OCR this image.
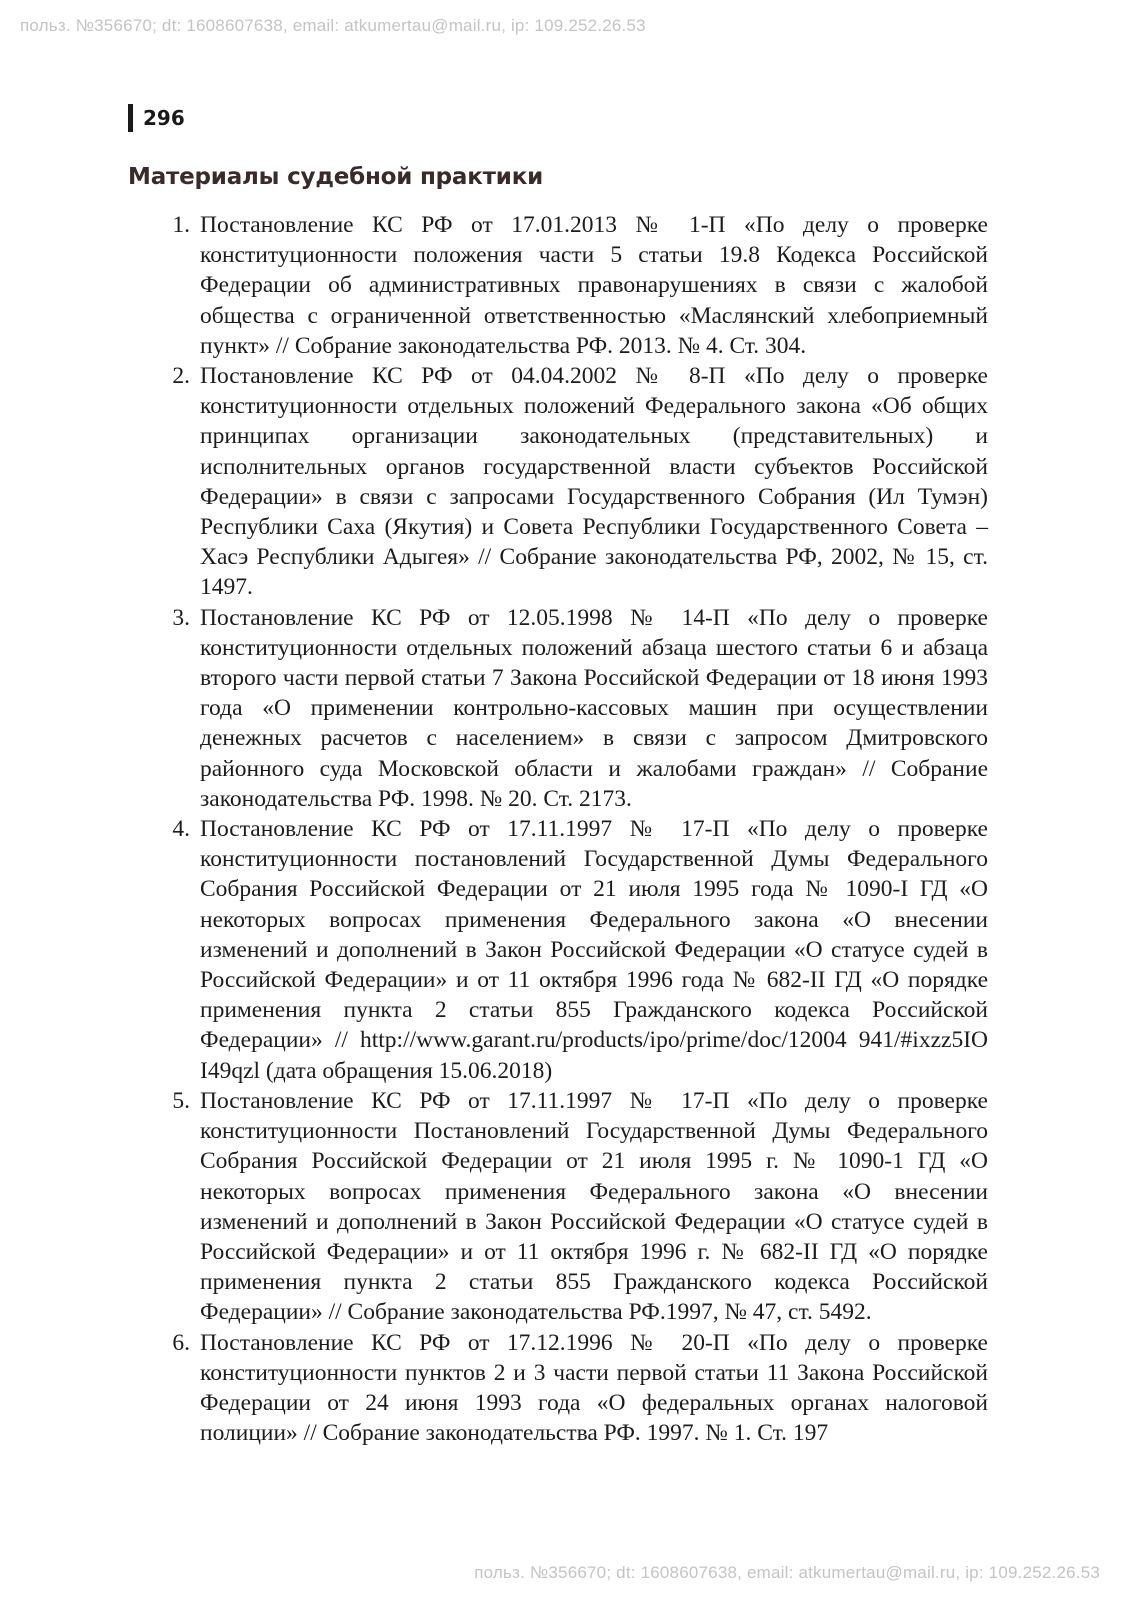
польз. №356670; dt: 1608607638, email: atkumertau@mail.ru, ip: 109.252.26.53
296
Материалы судебной практики
1. Постановление КС РФ от 17.01.2013 № 1-П «По делу о проверке конституционности положения части 5 статьи 19.8 Кодекса Российской Федерации об административных правонарушениях в связи с жалобой общества с ограниченной ответственностью «Маслянский хлебоприемный пункт» // Собрание законодательства РФ. 2013. № 4. Ст. 304.
2. Постановление КС РФ от 04.04.2002 № 8-П «По делу о проверке конституционности отдельных положений Федерального закона «Об общих принципах организации законодательных (представительных) и исполнительных органов государственной власти субъектов Российской Федерации» в связи с запросами Государственного Собрания (Ил Тумэн) Республики Саха (Якутия) и Совета Республики Государственного Совета – Хасэ Республики Адыгея» // Собрание законодательства РФ, 2002, № 15, ст. 1497.
3. Постановление КС РФ от 12.05.1998 № 14-П «По делу о проверке конституционности отдельных положений абзаца шестого статьи 6 и абзаца второго части первой статьи 7 Закона Российской Федерации от 18 июня 1993 года «О применении контрольно-кассовых машин при осуществлении денежных расчетов с населением» в связи с запросом Дмитровского районного суда Московской области и жалобами граждан» // Собрание законодательства РФ. 1998. № 20. Ст. 2173.
4. Постановление КС РФ от 17.11.1997 № 17-П «По делу о проверке конституционности постановлений Государственной Думы Федерального Собрания Российской Федерации от 21 июля 1995 года № 1090-I ГД «О некоторых вопросах применения Федерального закона «О внесении изменений и дополнений в Закон Российской Федерации «О статусе судей в Российской Федерации» и от 11 октября 1996 года № 682-II ГД «О порядке применения пункта 2 статьи 855 Гражданского кодекса Российской Федерации» // http://www.garant.ru/products/ipo/prime/doc/12004 941/#ixzz5IO I49qzl (дата обращения 15.06.2018)
5. Постановление КС РФ от 17.11.1997 № 17-П «По делу о проверке конституционности Постановлений Государственной Думы Федерального Собрания Российской Федерации от 21 июля 1995 г. № 1090-1 ГД «О некоторых вопросах применения Федерального закона «О внесении изменений и дополнений в Закон Российской Федерации «О статусе судей в Российской Федерации» и от 11 октября 1996 г. № 682-II ГД «О порядке применения пункта 2 статьи 855 Гражданского кодекса Российской Федерации» // Собрание законодательства РФ.1997, № 47, ст. 5492.
6. Постановление КС РФ от 17.12.1996 № 20-П «По делу о проверке конституционности пунктов 2 и 3 части первой статьи 11 Закона Российской Федерации от 24 июня 1993 года «О федеральных органах налоговой полиции» // Собрание законодательства РФ. 1997. № 1. Ст. 197
польз. №356670; dt: 1608607638, email: atkumertau@mail.ru, ip: 109.252.26.53
